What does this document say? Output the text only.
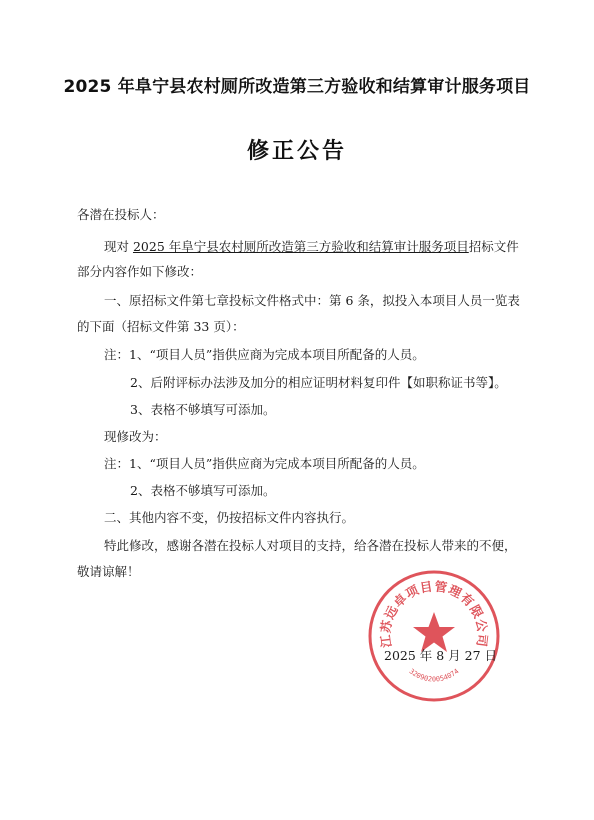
2025 年阜宁县农村厕所改造第三方验收和结算审计服务项目
修正公告
各潜在投标人：
现对 2025 年阜宁县农村厕所改造第三方验收和结算审计服务项目招标文件
部分内容作如下修改：
一、原招标文件第七章投标文件格式中：第 6 条，拟投入本项目人员一览表
的下面（招标文件第 33 页）：
注：1、“项目人员”指供应商为完成本项目所配备的人员。
2、后附评标办法涉及加分的相应证明材料复印件【如职称证书等】。
3、表格不够填写可添加。
现修改为：
注：1、“项目人员”指供应商为完成本项目所配备的人员。
2、表格不够填写可添加。
二、其他内容不变，仍按招标文件内容执行。
特此修改，感谢各潜在投标人对项目的支持，给各潜在投标人带来的不便，
敬请谅解！
江苏远卓项目管理有限公司
3209020054074
2025 年 8 月 27 日
